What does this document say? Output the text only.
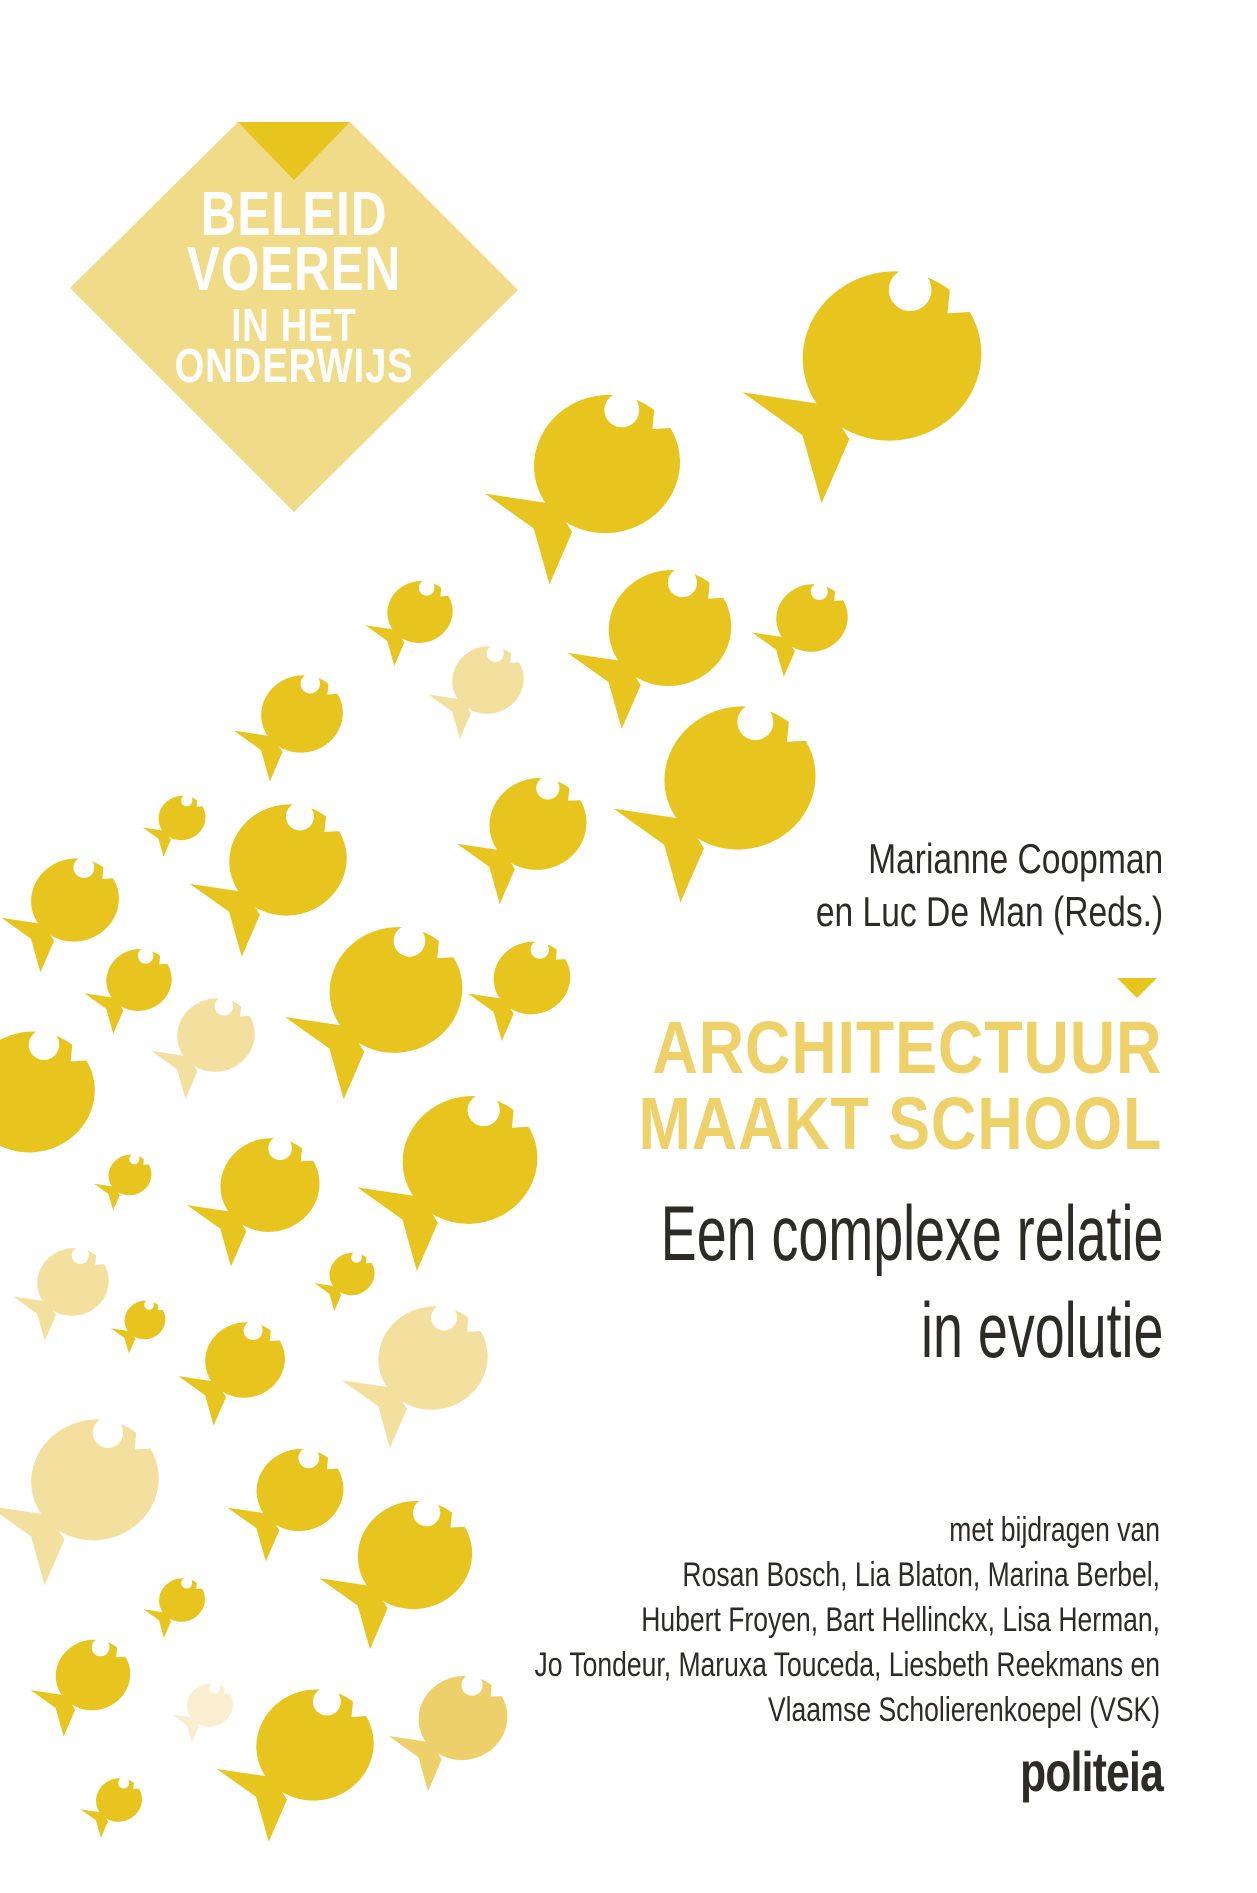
BELEID
VOEREN
IN HET
ONDERWIJS
Marianne Coopman
en Luc De Man (Reds.)
ARCHITECTUUR
MAAKT SCHOOL
Een complexe relatie
in evolutie
met bijdragen van
Rosan Bosch, Lia Blaton, Marina Berbel,
Hubert Froyen, Bart Hellinckx, Lisa Herman,
Jo Tondeur, Maruxa Touceda, Liesbeth Reekmans en
Vlaamse Scholierenkoepel (VSK)
politeia
